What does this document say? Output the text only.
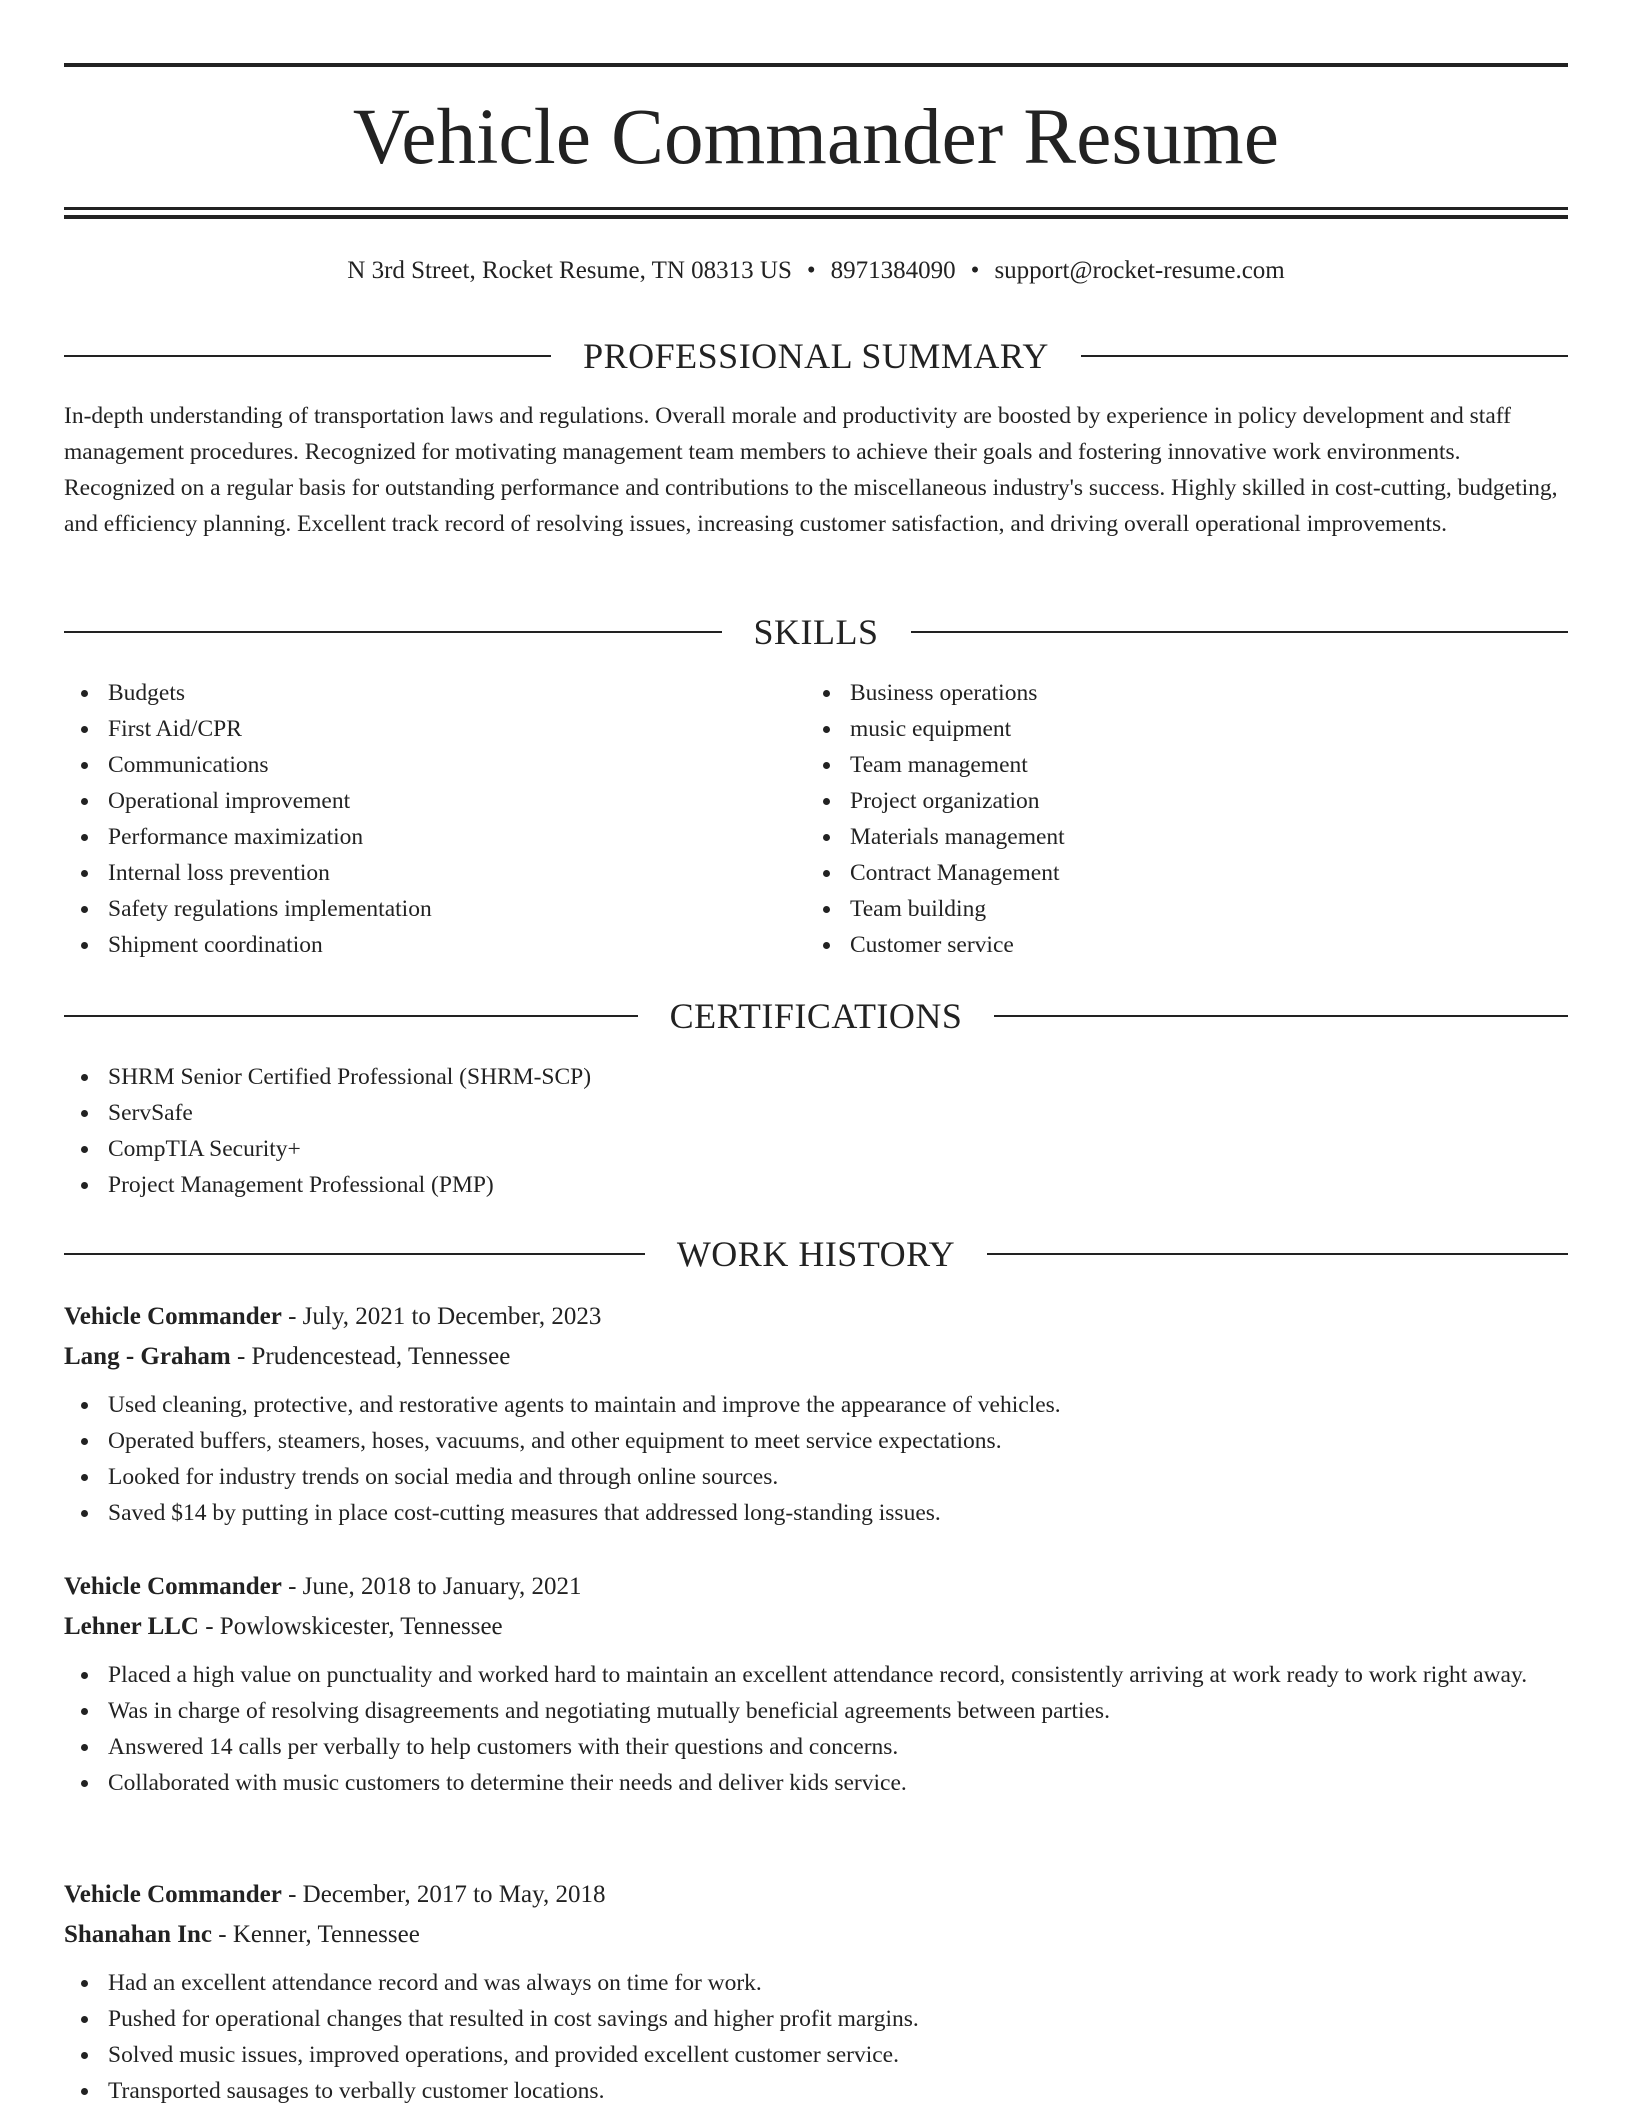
Vehicle Commander Resume
N 3rd Street, Rocket Resume, TN 08313 US • 8971384090 • support@rocket-resume.com
PROFESSIONAL SUMMARY

In-depth understanding of transportation laws and regulations. Overall morale and productivity are boosted by experience in policy development and staff management procedures. Recognized for motivating management team members to achieve their goals and fostering innovative work environments. Recognized on a regular basis for outstanding performance and contributions to the miscellaneous industry's success. Highly skilled in cost-cutting, budgeting, and efficiency planning. Excellent track record of resolving issues, increasing customer satisfaction, and driving overall operational improvements.

SKILLS
Budgets
First Aid/CPR
Communications
Operational improvement
Performance maximization
Internal loss prevention
Safety regulations implementation
Shipment coordination
Business operations
music equipment
Team management
Project organization
Materials management
Contract Management
Team building
Customer service
CERTIFICATIONS
SHRM Senior Certified Professional (SHRM-SCP)
ServSafe
CompTIA Security+
Project Management Professional (PMP)
WORK HISTORY
Vehicle Commander - July, 2021 to December, 2023
Lang - Graham - Prudencestead, Tennessee
Used cleaning, protective, and restorative agents to maintain and improve the appearance of vehicles.
Operated buffers, steamers, hoses, vacuums, and other equipment to meet service expectations.
Looked for industry trends on social media and through online sources.
Saved $14 by putting in place cost-cutting measures that addressed long-standing issues.
Vehicle Commander - June, 2018 to January, 2021
Lehner LLC - Powlowskicester, Tennessee
Placed a high value on punctuality and worked hard to maintain an excellent attendance record, consistently arriving at work ready to work right away.
Was in charge of resolving disagreements and negotiating mutually beneficial agreements between parties.
Answered 14 calls per verbally to help customers with their questions and concerns.
Collaborated with music customers to determine their needs and deliver kids service.
Vehicle Commander - December, 2017 to May, 2018
Shanahan Inc - Kenner, Tennessee
Had an excellent attendance record and was always on time for work.
Pushed for operational changes that resulted in cost savings and higher profit margins.
Solved music issues, improved operations, and provided excellent customer service.
Transported sausages to verbally customer locations.
